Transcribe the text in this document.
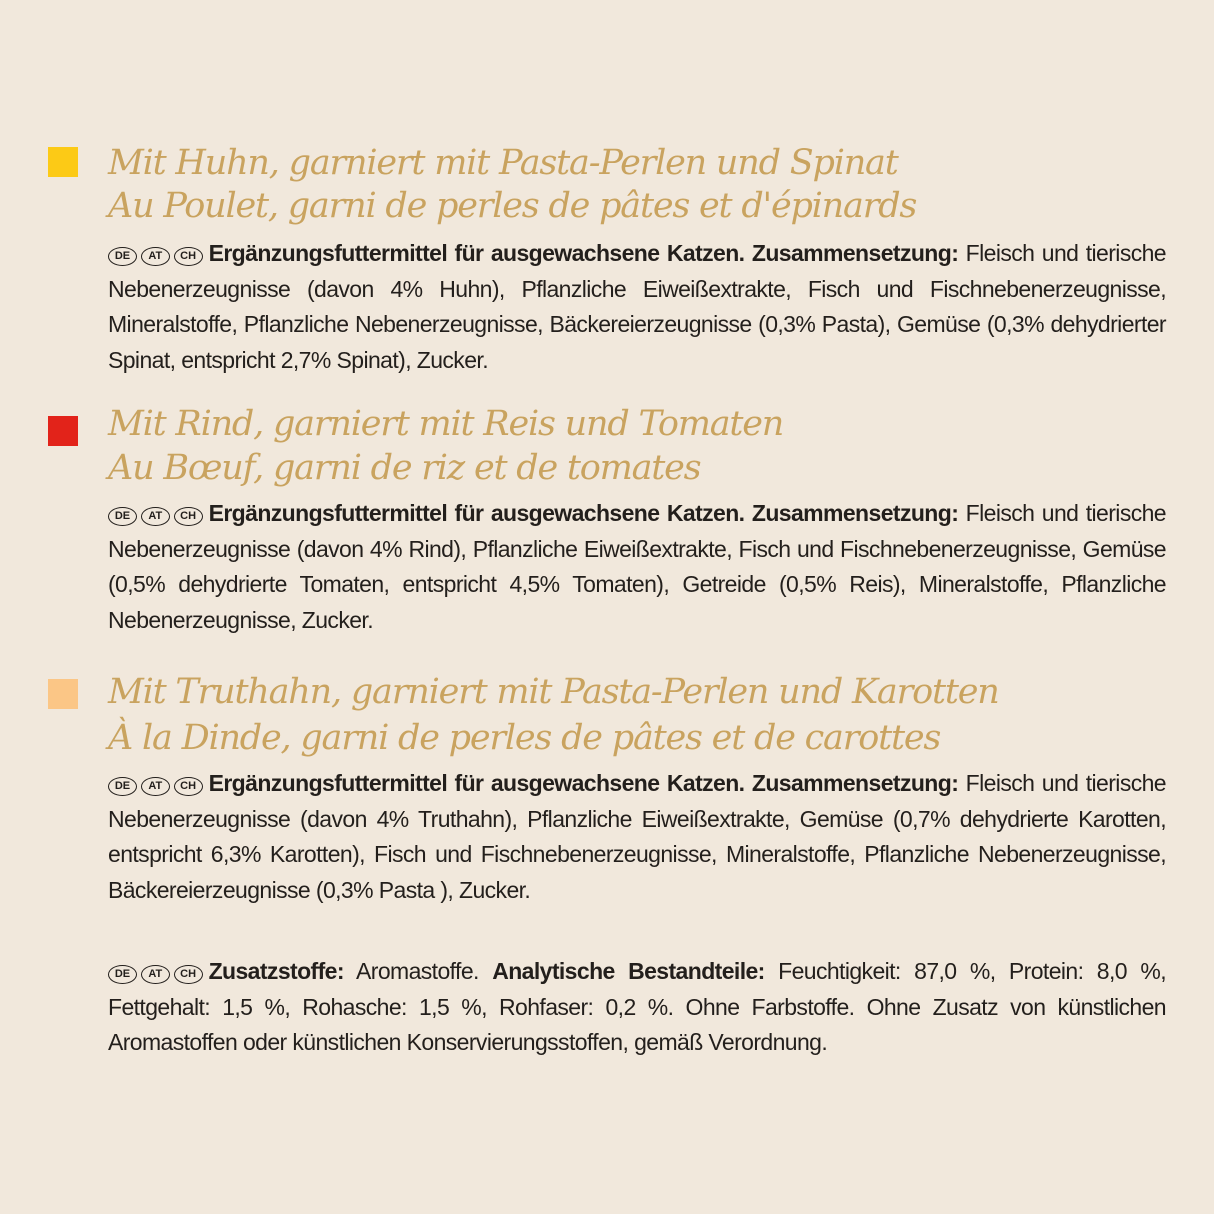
Mit Huhn, garniert mit Pasta-Perlen und Spinat
Au Poulet, garni de perles de pâtes et d'épinards
DE AT CH Ergänzungsfuttermittel für ausgewachsene Katzen. Zusammensetzung: Fleisch und tierische Nebenerzeugnisse (davon 4% Huhn), Pflanzliche Eiweißextrakte, Fisch und Fischnebenerzeugnisse, Mineralstoffe, Pflanzliche Nebenerzeugnisse, Bäckereierzeugnisse (0,3% Pasta), Gemüse (0,3% dehydrierter Spinat, entspricht 2,7% Spinat), Zucker.
Mit Rind, garniert mit Reis und Tomaten
Au Bœuf, garni de riz et de tomates
DE AT CH Ergänzungsfuttermittel für ausgewachsene Katzen. Zusammensetzung: Fleisch und tierische Nebenerzeugnisse (davon 4% Rind), Pflanzliche Eiweißextrakte, Fisch und Fischnebenerzeugnisse, Gemüse (0,5% dehydrierte Tomaten, entspricht 4,5% Tomaten), Getreide (0,5% Reis), Mineralstoffe, Pflanzliche Nebenerzeugnisse, Zucker.
Mit Truthahn, garniert mit Pasta-Perlen und Karotten
À la Dinde, garni de perles de pâtes et de carottes
DE AT CH Ergänzungsfuttermittel für ausgewachsene Katzen. Zusammensetzung: Fleisch und tierische Nebenerzeugnisse (davon 4% Truthahn), Pflanzliche Eiweißextrakte, Gemüse (0,7% dehydrierte Karotten, entspricht 6,3% Karotten), Fisch und Fischnebenerzeugnisse, Mineralstoffe, Pflanzliche Nebenerzeugnisse, Bäckereierzeugnisse (0,3% Pasta ), Zucker.
DE AT CH Zusatzstoffe: Aromastoffe. Analytische Bestandteile: Feuchtigkeit: 87,0 %, Protein: 8,0 %, Fettgehalt: 1,5 %, Rohasche: 1,5 %, Rohfaser: 0,2 %. Ohne Farbstoffe. Ohne Zusatz von künstlichen Aromastoffen oder künstlichen Konservierungsstoffen, gemäß Verordnung.
